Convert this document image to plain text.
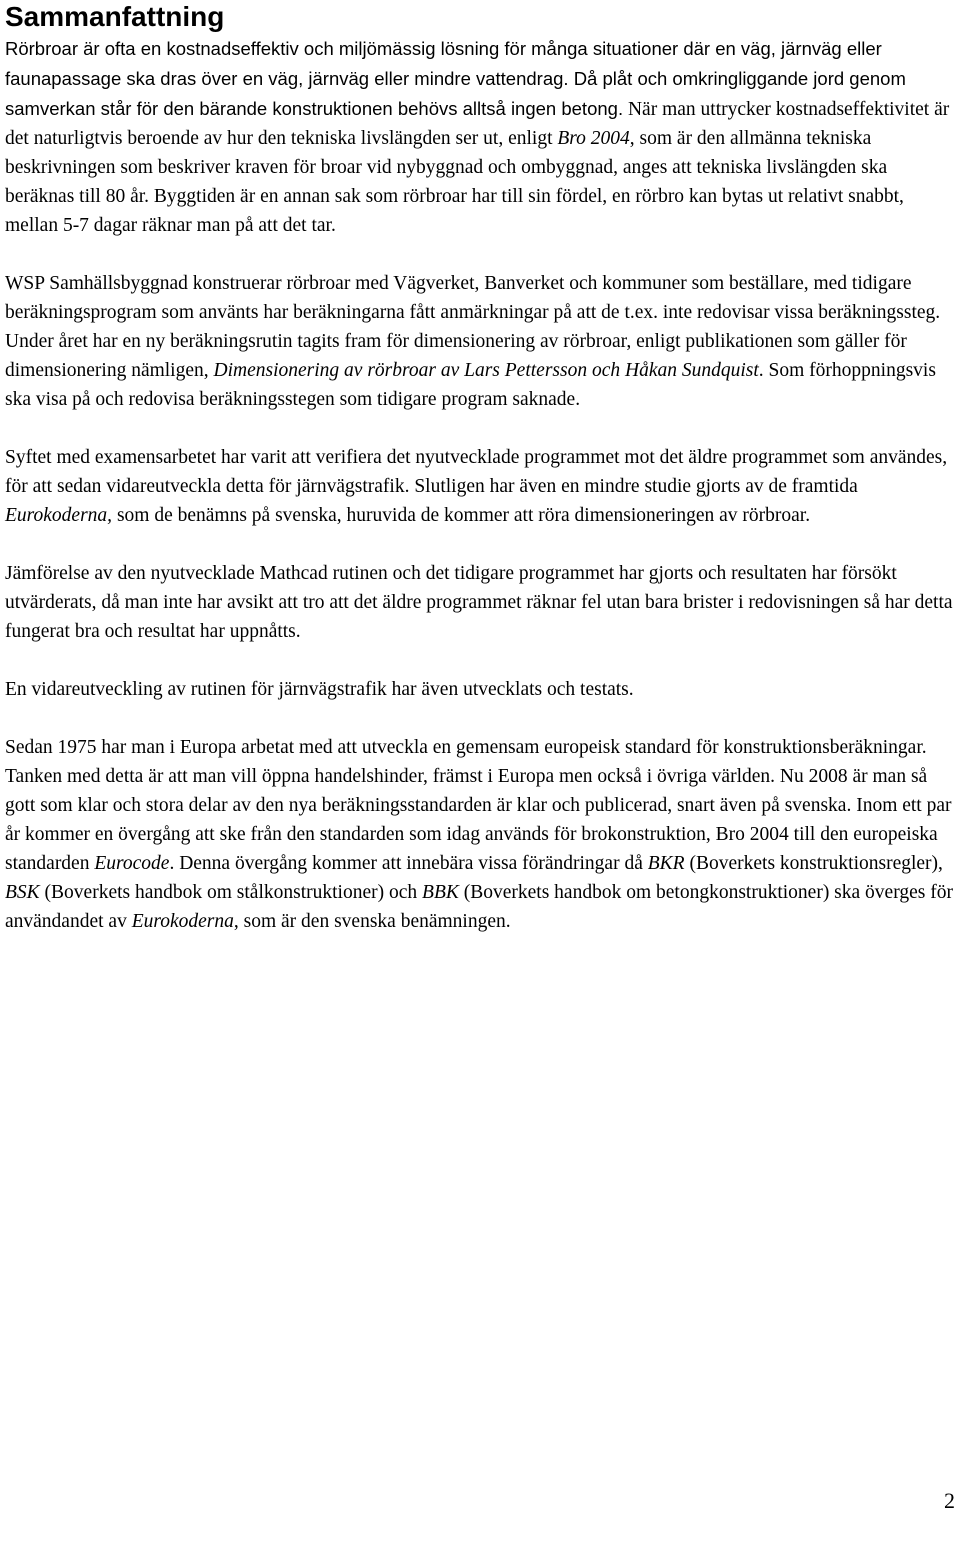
Sammanfattning

Rörbroar är ofta en kostnadseffektiv och miljömässig lösning för många situationer där en väg, järnväg eller faunapassage ska dras över en väg, järnväg eller mindre vattendrag. Då plåt och omkringliggande jord genom samverkan står för den bärande konstruktionen behövs alltså ingen betong. När man uttrycker kostnadseffektivitet är det naturligtvis beroende av hur den tekniska livslängden ser ut, enligt Bro 2004, som är den allmänna tekniska beskrivningen som beskriver kraven för broar vid nybyggnad och ombyggnad, anges att tekniska livslängden ska beräknas till 80 år. Byggtiden är en annan sak som rörbroar har till sin fördel, en rörbro kan bytas ut relativt snabbt, mellan 5-7 dagar räknar man på att det tar.

WSP Samhällsbyggnad konstruerar rörbroar med Vägverket, Banverket och kommuner som beställare, med tidigare beräkningsprogram som använts har beräkningarna fått anmärkningar på att de t.ex. inte redovisar vissa beräkningssteg. Under året har en ny beräkningsrutin tagits fram för dimensionering av rörbroar, enligt publikationen som gäller för dimensionering nämligen, Dimensionering av rörbroar av Lars Pettersson och Håkan Sundquist. Som förhoppningsvis ska visa på och redovisa beräkningsstegen som tidigare program saknade.

Syftet med examensarbetet har varit att verifiera det nyutvecklade programmet mot det äldre programmet som användes, för att sedan vidareutveckla detta för järnvägstrafik. Slutligen har även en mindre studie gjorts av de framtida Eurokoderna, som de benämns på svenska, huruvida de kommer att röra dimensioneringen av rörbroar.

Jämförelse av den nyutvecklade Mathcad rutinen och det tidigare programmet har gjorts och resultaten har försökt utvärderats, då man inte har avsikt att tro att det äldre programmet räknar fel utan bara brister i redovisningen så har detta fungerat bra och resultat har uppnåtts.

En vidareutveckling av rutinen för järnvägstrafik har även utvecklats och testats.

Sedan 1975 har man i Europa arbetat med att utveckla en gemensam europeisk standard för konstruktionsberäkningar. Tanken med detta är att man vill öppna handelshinder, främst i Europa men också i övriga världen. Nu 2008 är man så gott som klar och stora delar av den nya beräkningsstandarden är klar och publicerad, snart även på svenska. Inom ett par år kommer en övergång att ske från den standarden som idag används för brokonstruktion, Bro 2004 till den europeiska standarden Eurocode. Denna övergång kommer att innebära vissa förändringar då BKR (Boverkets konstruktionsregler), BSK (Boverkets handbok om stålkonstruktioner) och BBK (Boverkets handbok om betongkonstruktioner) ska överges för användandet av Eurokoderna, som är den svenska benämningen.

2
